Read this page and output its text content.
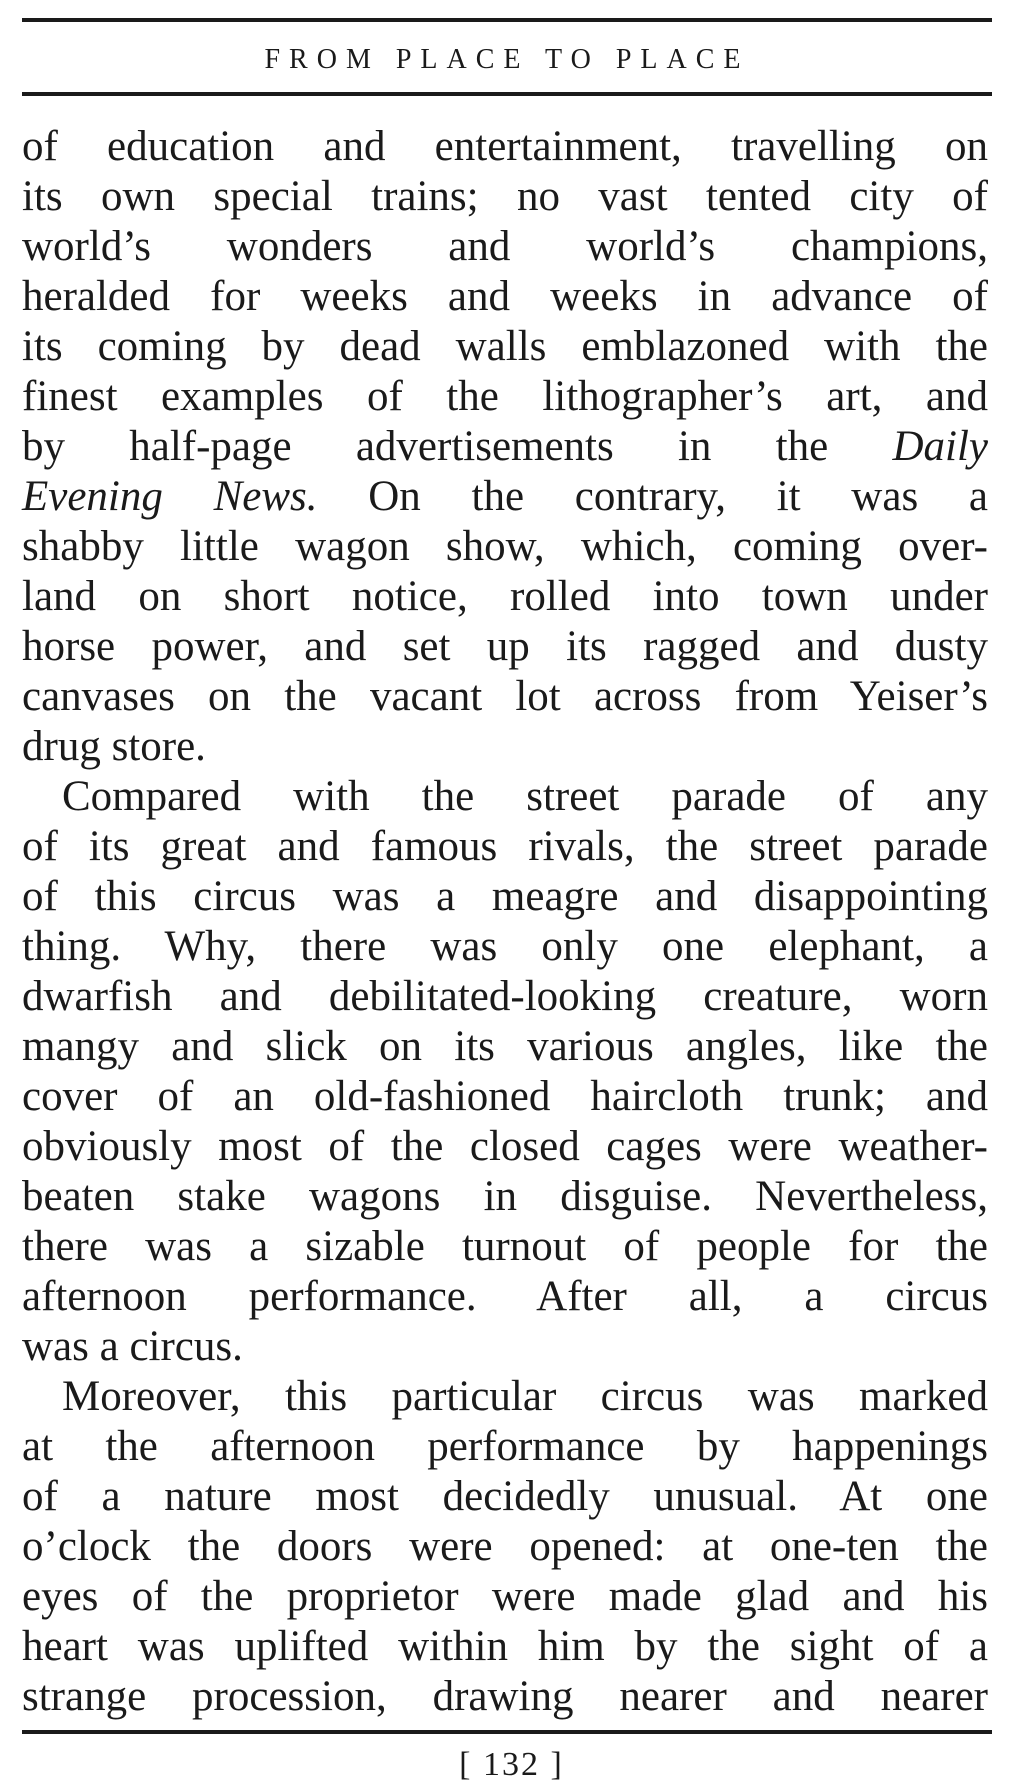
FROM PLACE TO PLACE
of education and entertainment, travelling on
its own special trains; no vast tented city of
world’s wonders and world’s champions,
heralded for weeks and weeks in advance of
its coming by dead walls emblazoned with the
finest examples of the lithographer’s art, and
by half-page advertisements in the Daily
Evening News. On the contrary, it was a
shabby little wagon show, which, coming over-
land on short notice, rolled into town under
horse power, and set up its ragged and dusty
canvases on the vacant lot across from Yeiser’s
drug store.
Compared with the street parade of any
of its great and famous rivals, the street parade
of this circus was a meagre and disappointing
thing. Why, there was only one elephant, a
dwarfish and debilitated-looking creature, worn
mangy and slick on its various angles, like the
cover of an old-fashioned haircloth trunk; and
obviously most of the closed cages were weather-
beaten stake wagons in disguise. Nevertheless,
there was a sizable turnout of people for the
afternoon performance. After all, a circus
was a circus.
Moreover, this particular circus was marked
at the afternoon performance by happenings
of a nature most decidedly unusual. At one
o’clock the doors were opened: at one-ten the
eyes of the proprietor were made glad and his
heart was uplifted within him by the sight of a
strange procession, drawing nearer and nearer
[ 132 ]
